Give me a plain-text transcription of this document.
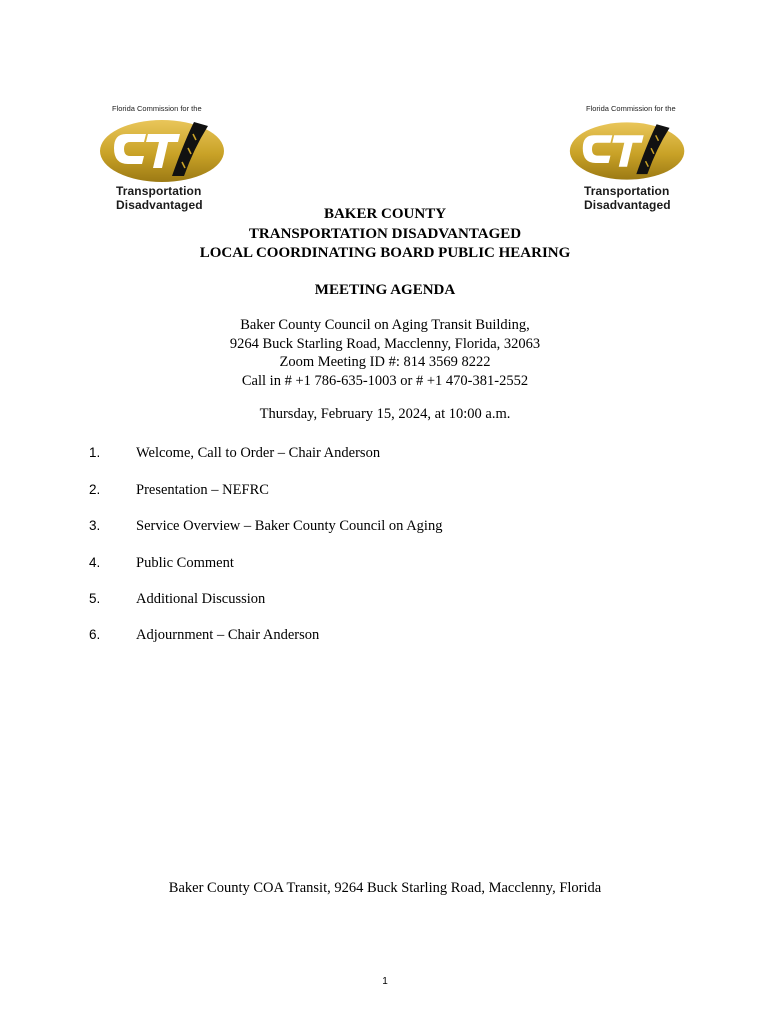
Florida Commission for the
Transportation
Disadvantaged
Florida Commission for the
Transportation
Disadvantaged
BAKER COUNTY
TRANSPORTATION DISADVANTAGED
LOCAL COORDINATING BOARD PUBLIC HEARING
MEETING AGENDA
Baker County Council on Aging Transit Building,
9264 Buck Starling Road, Macclenny, Florida, 32063
Zoom Meeting ID #: 814 3569 8222
Call in # +1 786-635-1003 or # +1 470-381-2552
Thursday, February 15, 2024, at 10:00 a.m.
1. Welcome, Call to Order – Chair Anderson
2. Presentation – NEFRC
3. Service Overview – Baker County Council on Aging
4. Public Comment
5. Additional Discussion
6. Adjournment – Chair Anderson
Baker County COA Transit, 9264 Buck Starling Road, Macclenny, Florida
1
